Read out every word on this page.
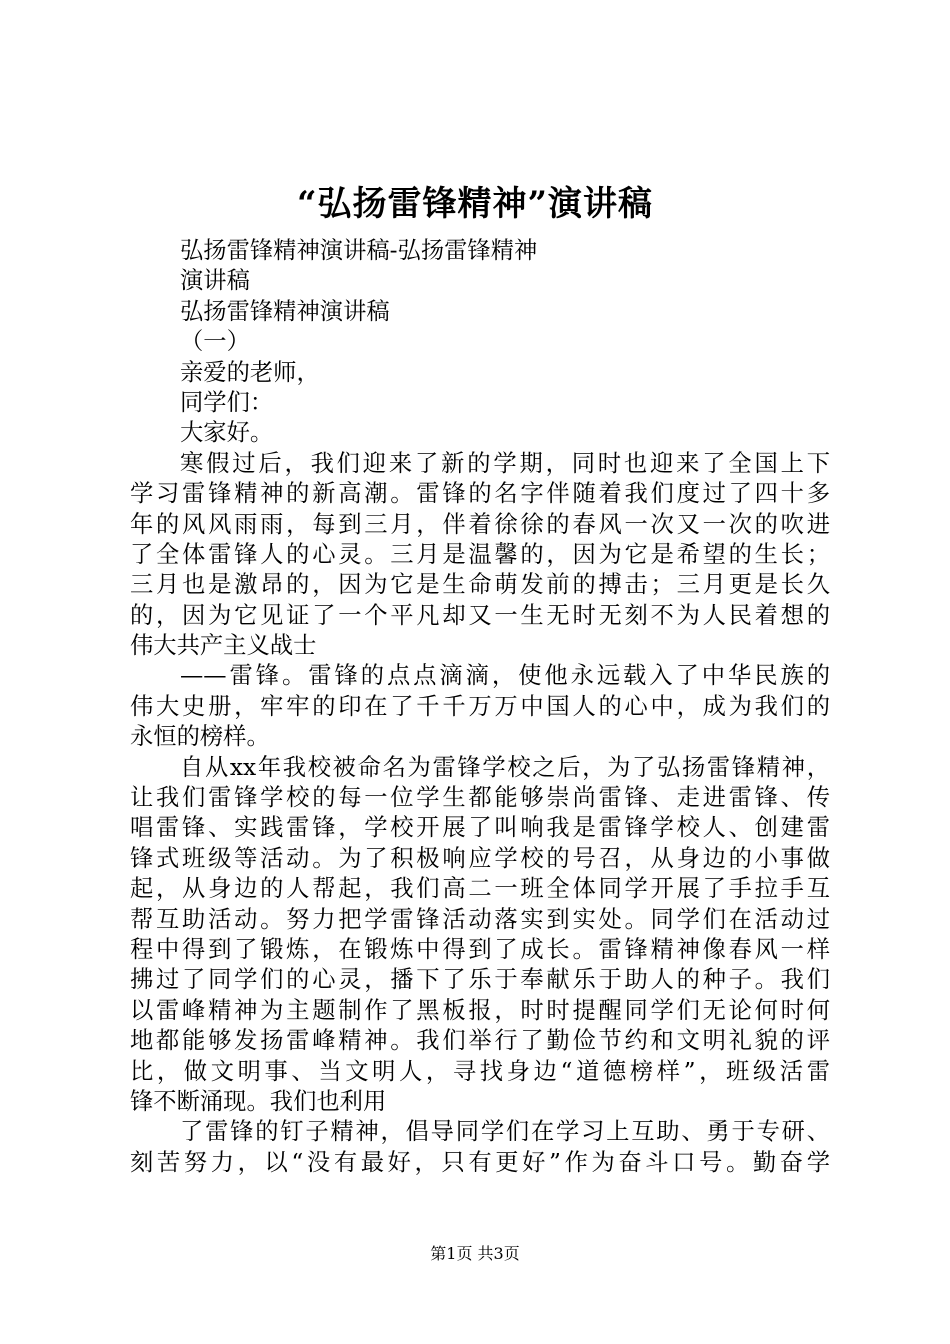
“弘扬雷锋精神”演讲稿
弘扬雷锋精神演讲稿-弘扬雷锋精神
演讲稿
弘扬雷锋精神演讲稿
（一）
亲爱的老师，
同学们：
大家好。
寒假过后，我们迎来了新的学期，同时也迎来了全国上下
学习雷锋精神的新高潮。雷锋的名字伴随着我们度过了四十多
年的风风雨雨，每到三月，伴着徐徐的春风一次又一次的吹进
了全体雷锋人的心灵。三月是温馨的，因为它是希望的生长；
三月也是激昂的，因为它是生命萌发前的搏击；三月更是长久
的，因为它见证了一个平凡却又一生无时无刻不为人民着想的
伟大共产主义战士
——雷锋。雷锋的点点滴滴，使他永远载入了中华民族的
伟大史册，牢牢的印在了千千万万中国人的心中，成为我们的
永恒的榜样。
自从xx年我校被命名为雷锋学校之后，为了弘扬雷锋精神，
让我们雷锋学校的每一位学生都能够崇尚雷锋、走进雷锋、传
唱雷锋、实践雷锋，学校开展了叫响我是雷锋学校人、创建雷
锋式班级等活动。为了积极响应学校的号召，从身边的小事做
起，从身边的人帮起，我们高二一班全体同学开展了手拉手互
帮互助活动。努力把学雷锋活动落实到实处。同学们在活动过
程中得到了锻炼，在锻炼中得到了成长。雷锋精神像春风一样
拂过了同学们的心灵，播下了乐于奉献乐于助人的种子。我们
以雷峰精神为主题制作了黑板报，时时提醒同学们无论何时何
地都能够发扬雷峰精神。我们举行了勤俭节约和文明礼貌的评
比，做文明事、当文明人，寻找身边“道德榜样”，班级活雷
锋不断涌现。我们也利用
了雷锋的钉子精神，倡导同学们在学习上互助、勇于专研、
刻苦努力，以“没有最好，只有更好”作为奋斗口号。勤奋学
第1页 共3页
